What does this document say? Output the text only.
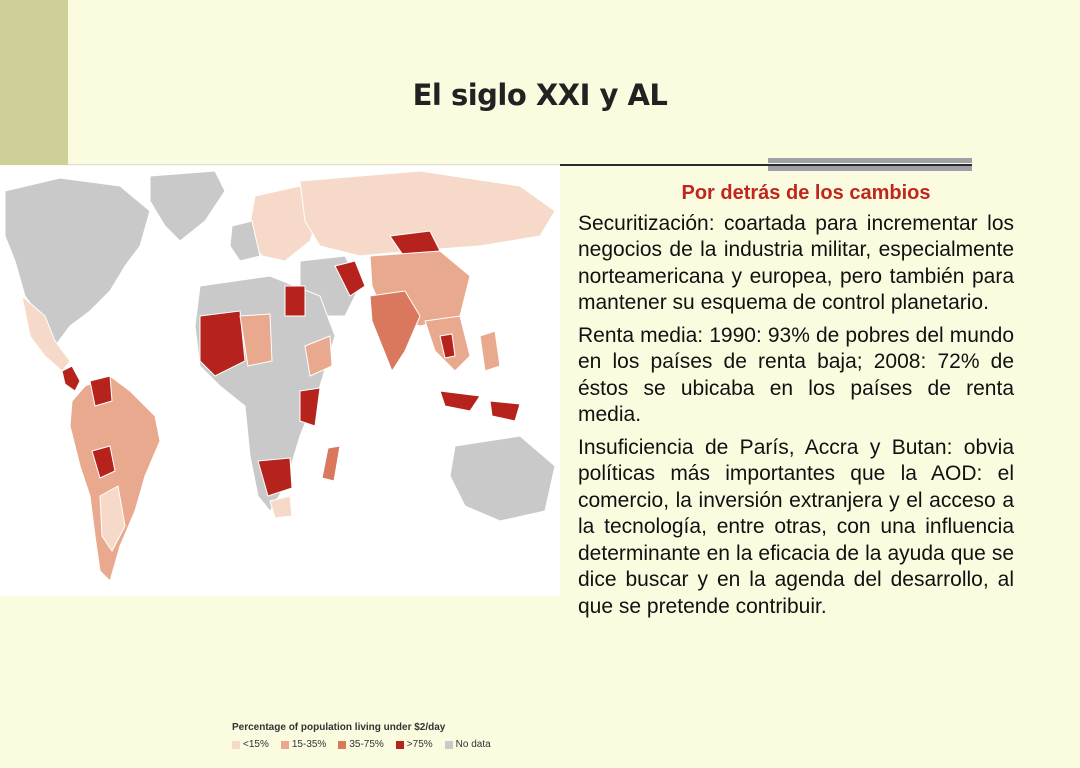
El siglo XXI y AL
Percentage of population living under $2/day
<15% 15-35% 35-75% >75% No data
Por detrás de los cambios
Securitización: coartada para incrementar los negocios de la industria militar, especialmente norteamericana y europea, pero también para mantener su esquema de control planetario.
Renta media: 1990: 93% de pobres del mundo en los países de renta baja; 2008: 72% de éstos se ubicaba en los países de renta media.
Insuficiencia de París, Accra y Butan: obvia políticas más importantes que la AOD: el comercio, la inversión extranjera y el acceso a la tecnología, entre otras, con una influencia determinante en la eficacia de la ayuda que se dice buscar y en la agenda del desarrollo, al que se pretende contribuir.
